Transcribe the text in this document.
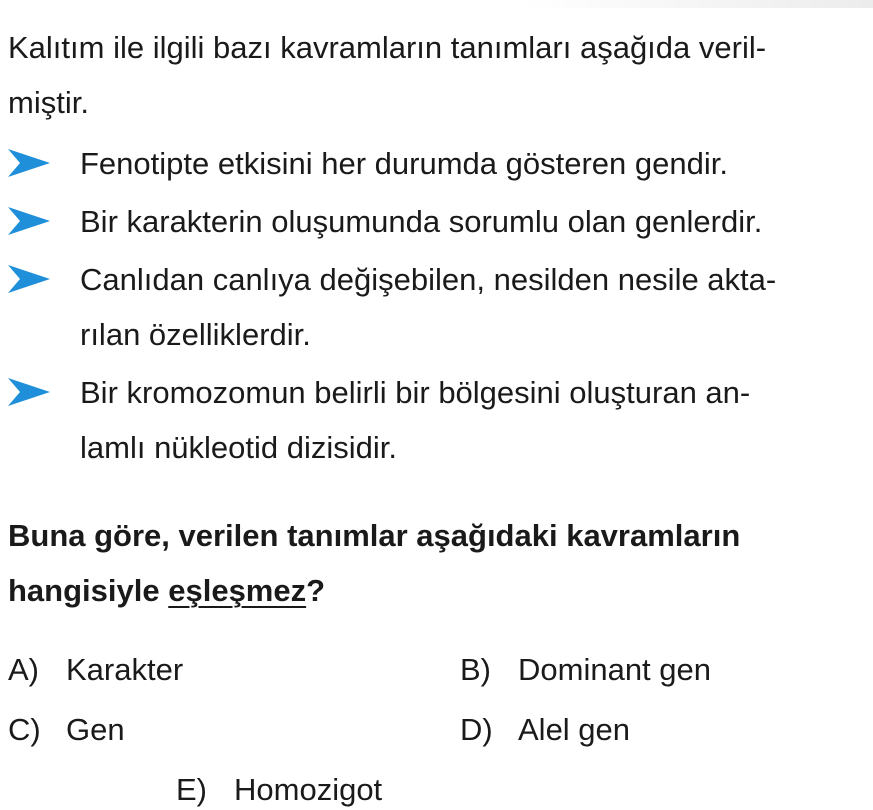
Kalıtım ile ilgili bazı kavramların tanımları aşağıda veril-
miştir.

Fenotipte etkisini her durumda gösteren gendir.
Bir karakterin oluşumunda sorumlu olan genlerdir.
Canlıdan canlıya değişebilen, nesilden nesile akta-
rılan özelliklerdir.
Bir kromozomun belirli bir bölgesini oluşturan an-
lamlı nükleotid dizisidir.

Buna göre, verilen tanımlar aşağıdaki kavramların
hangisiyle eşleşmez?

A) Karakter	B) Dominant gen
C) Gen	D) Alel gen
E) Homozigot
